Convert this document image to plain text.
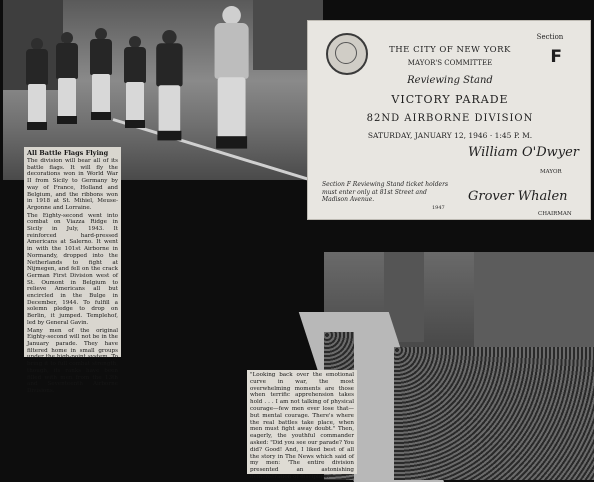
All Battle Flags Flying

The division will bear all of its battle flags. It will fly the decorations won in World War II from Sicily to Germany by way of France, Holland and Belgium, and the ribbons won in 1918 at St. Mihiel, Meuse-Argonne and Lorraine.

The Eighty-second went into combat on Viazza Ridge in Sicily in July, 1943. It reinforced hard-pressed Americans at Salerno. It went in with the 101st Airborne in Normandy, dropped into the Netherlands to fight at Nijmegen, and fell on the crack German First Division west of St. Oumont in Belgium to relieve Americans all but encircled in the Bulge in December, 1944. To fulfill a solemn pledge to drop on Berlin, it jumped. Templehof, led by General Gavin.

Many men of the original Eighty-second will not be in the January parade. They have filtered home in small groups under the high-point system. To bring it to full combat strength, though, its ranks have been filled with men from the 13th and Seventeenth Airborne Divisions.

Section
F
THE CITY OF NEW YORK
MAYOR'S COMMITTEE
Reviewing Stand
VICTORY PARADE
82ND AIRBORNE DIVISION
SATURDAY, JANUARY 12, 1946 · 1:45 P. M.
William O'Dwyer
MAYOR
Section F Reviewing Stand ticket holders must enter only at 81st Street and Madison Avenue.
1947
Grover Whalen
CHAIRMAN

"Looking back over the emotional curve in war, the most overwhelming moments are those when terrific apprehension takes hold . . . I am not talking of physical courage—few men ever lose that—but mental courage. There's where the real battles take place, when men must fight away doubt." Then, eagerly, the youthful commander asked: "Did you see our parade? You did? Good! And, I liked best of all the story in The News which said of my men: 'The entire division presented an astonishing demonstration of discipline.'"
